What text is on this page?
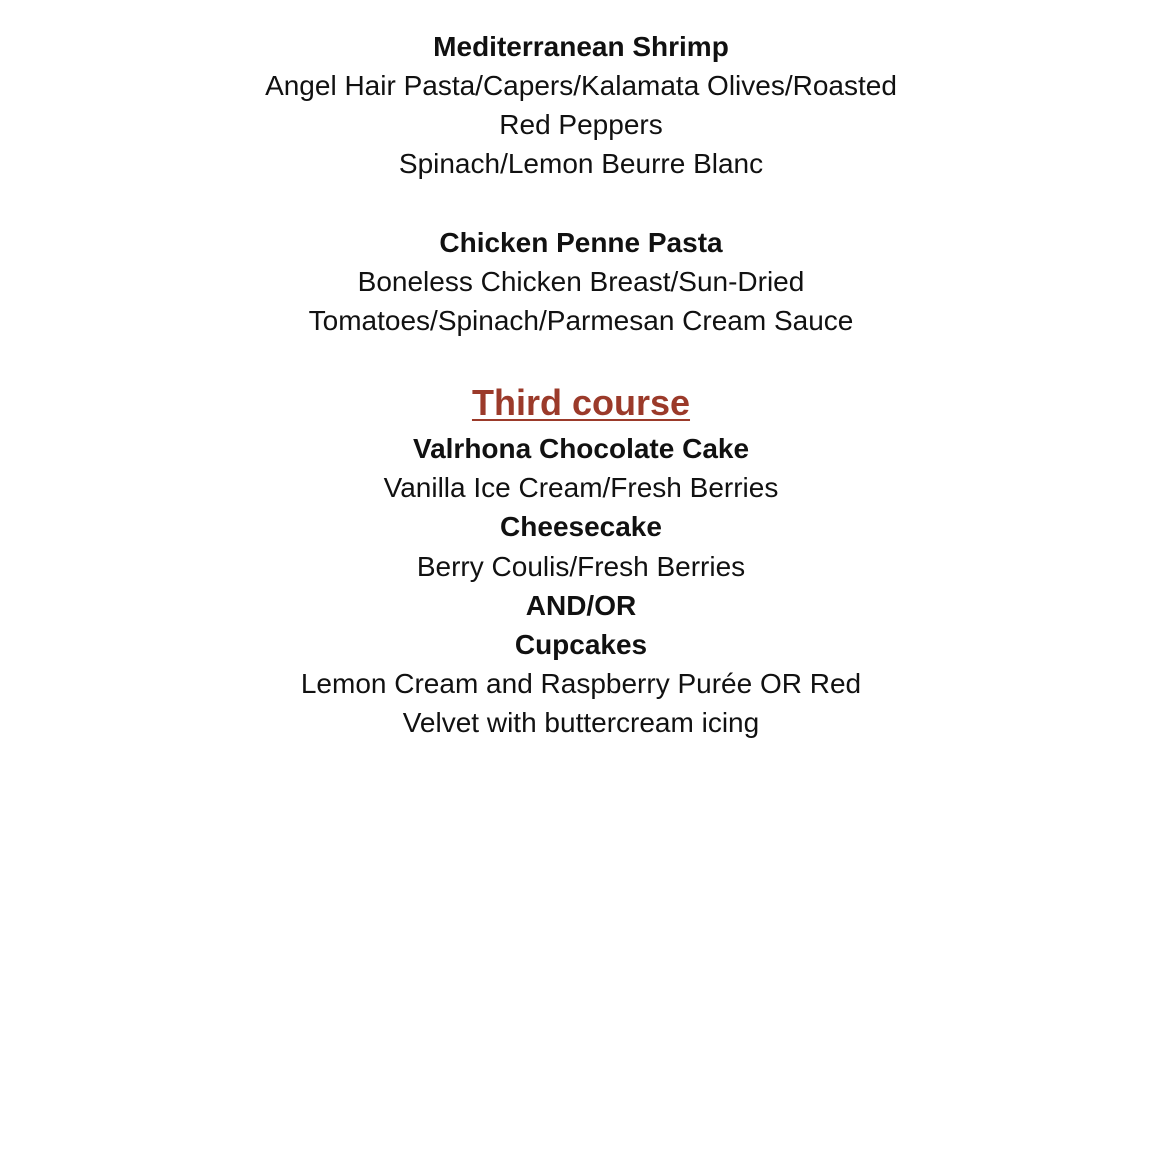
Mediterranean Shrimp
Angel Hair Pasta/Capers/Kalamata Olives/Roasted
Red Peppers
Spinach/Lemon Beurre Blanc
Chicken Penne Pasta
Boneless Chicken Breast/Sun-Dried
Tomatoes/Spinach/Parmesan Cream Sauce
Third course
Valrhona Chocolate Cake
Vanilla Ice Cream/Fresh Berries
Cheesecake
Berry Coulis/Fresh Berries
AND/OR
Cupcakes
Lemon Cream and Raspberry Purée OR Red
Velvet with buttercream icing
